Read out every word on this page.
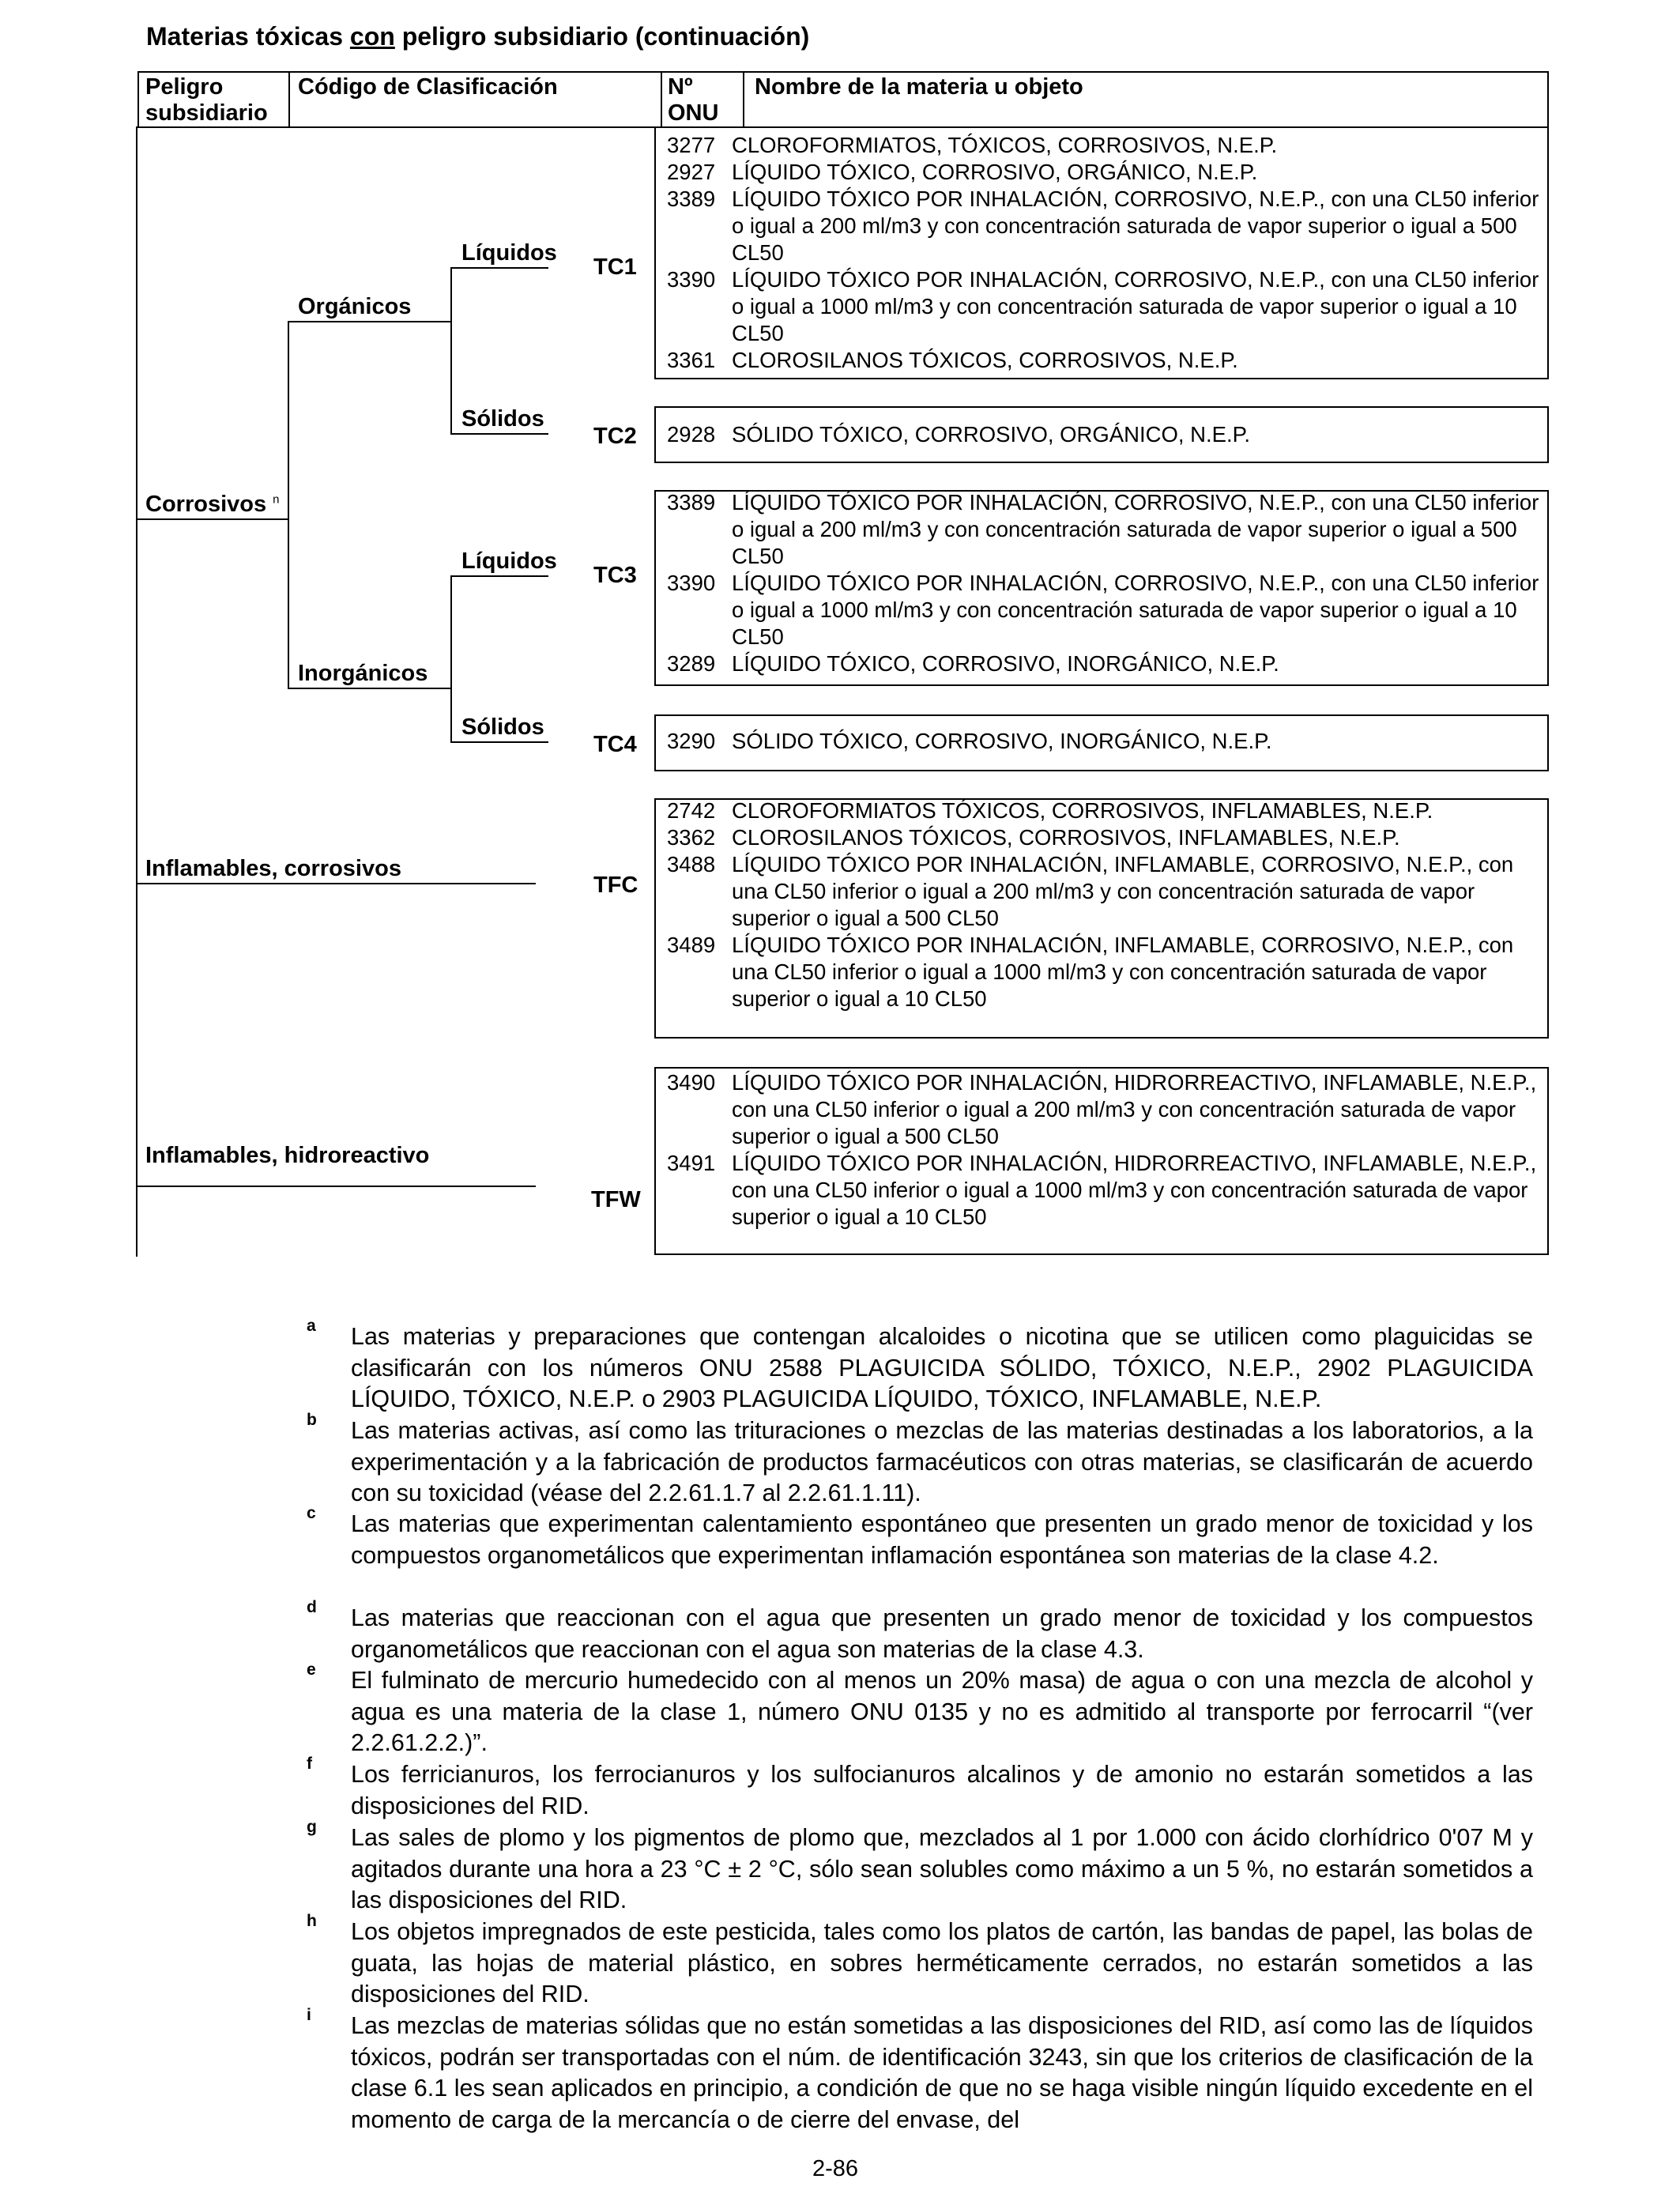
Materias tóxicas con peligro subsidiario (continuación)
Peligro subsidiario
Código de Clasificación	Nº ONU
Nombre de la materia u objeto
Corrosivos $^n$
Orgánicos
Inorgánicos
Líquidos
Sólidos
Líquidos
Sólidos
Inflamables, corrosivos
Inflamables, hidroreactivo
TC1
TC2
TC3
TC4
TFC
TFW
3277 CLOROFORMIATOS, TÓXICOS, CORROSIVOS, N.E.P.
2927 LÍQUIDO TÓXICO, CORROSIVO, ORGÁNICO, N.E.P.
3389 LÍQUIDO TÓXICO POR INHALACIÓN, CORROSIVO, N.E.P., con una CL50 inferior o igual a 200 ml/m3 y con concentración saturada de vapor superior o igual a 500 CL50
3390 LÍQUIDO TÓXICO POR INHALACIÓN, CORROSIVO, N.E.P., con una CL50 inferior o igual a 1000 ml/m3 y con concentración saturada de vapor superior o igual a 10 CL50
3361 CLOROSILANOS TÓXICOS, CORROSIVOS, N.E.P.
2928 SÓLIDO TÓXICO, CORROSIVO, ORGÁNICO, N.E.P.
3389 LÍQUIDO TÓXICO POR INHALACIÓN, CORROSIVO, N.E.P., con una CL50 inferior o igual a 200 ml/m3 y con concentración saturada de vapor superior o igual a 500 CL50
3390 LÍQUIDO TÓXICO POR INHALACIÓN, CORROSIVO, N.E.P., con una CL50 inferior o igual a 1000 ml/m3 y con concentración saturada de vapor superior o igual a 10 CL50
3289 LÍQUIDO TÓXICO, CORROSIVO, INORGÁNICO, N.E.P.
3290 SÓLIDO TÓXICO, CORROSIVO, INORGÁNICO, N.E.P.
2742 CLOROFORMIATOS TÓXICOS, CORROSIVOS, INFLAMABLES, N.E.P.
3362 CLOROSILANOS TÓXICOS, CORROSIVOS, INFLAMABLES, N.E.P.
3488 LÍQUIDO TÓXICO POR INHALACIÓN, INFLAMABLE, CORROSIVO, N.E.P., con una CL50 inferior o igual a 200 ml/m3 y con concentración saturada de vapor superior o igual a 500 CL50
3489 LÍQUIDO TÓXICO POR INHALACIÓN, INFLAMABLE, CORROSIVO, N.E.P., con una CL50 inferior o igual a 1000 ml/m3 y con concentración saturada de vapor superior o igual a 10 CL50
3490 LÍQUIDO TÓXICO POR INHALACIÓN, HIDRORREACTIVO, INFLAMABLE, N.E.P., con una CL50 inferior o igual a 200 ml/m3 y con concentración saturada de vapor superior o igual a 500 CL50
3491 LÍQUIDO TÓXICO POR INHALACIÓN, HIDRORREACTIVO, INFLAMABLE, N.E.P., con una CL50 inferior o igual a 1000 ml/m3 y con concentración saturada de vapor superior o igual a 10 CL50
a Las materias y preparaciones que contengan alcaloides o nicotina que se utilicen como plaguicidas se clasificarán con los números ONU 2588 PLAGUICIDA SÓLIDO, TÓXICO, N.E.P., 2902 PLAGUICIDA LÍQUIDO, TÓXICO, N.E.P. o 2903 PLAGUICIDA LÍQUIDO, TÓXICO, INFLAMABLE, N.E.P.
b Las materias activas, así como las trituraciones o mezclas de las materias destinadas a los laboratorios, a la experimentación y a la fabricación de productos farmacéuticos con otras materias, se clasificarán de acuerdo con su toxicidad (véase del 2.2.61.1.7 al 2.2.61.1.11).
c Las materias que experimentan calentamiento espontáneo que presenten un grado menor de toxicidad y los compuestos organometálicos que experimentan inflamación espontánea son materias de la clase 4.2.
d Las materias que reaccionan con el agua que presenten un grado menor de toxicidad y los compuestos organometálicos que reaccionan con el agua son materias de la clase 4.3.
e El fulminato de mercurio humedecido con al menos un 20% masa) de agua o con una mezcla de alcohol y agua es una materia de la clase 1, número ONU 0135 y no es admitido al transporte por ferrocarril “(ver 2.2.61.2.2.)”.
f Los ferricianuros, los ferrocianuros y los sulfocianuros alcalinos y de amonio no estarán sometidos a las disposiciones del RID.
g Las sales de plomo y los pigmentos de plomo que, mezclados al 1 por 1.000 con ácido clorhídrico 0'07 M y agitados durante una hora a 23 °C ± 2 °C, sólo sean solubles como máximo a un 5 %, no estarán sometidos a las disposiciones del RID.
h Los objetos impregnados de este pesticida, tales como los platos de cartón, las bandas de papel, las bolas de guata, las hojas de material plástico, en sobres herméticamente cerrados, no estarán sometidos a las disposiciones del RID.
i Las mezclas de materias sólidas que no están sometidas a las disposiciones del RID, así como las de líquidos tóxicos, podrán ser transportadas con el núm. de identificación 3243, sin que los criterios de clasificación de la clase 6.1 les sean aplicados en principio, a condición de que no se haga visible ningún líquido excedente en el momento de carga de la mercancía o de cierre del envase, del
2-86
